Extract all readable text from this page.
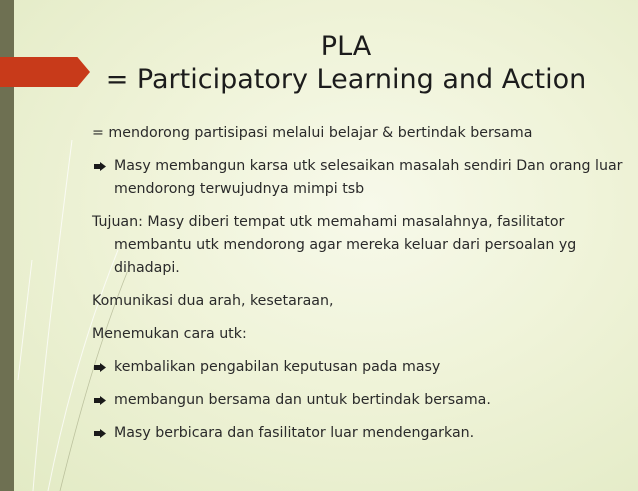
PLA
= Participatory Learning and Action
= mendorong partisipasi melalui belajar & bertindak bersama
Masy membangun karsa utk selesaikan masalah sendiri Dan orang luar mendorong terwujudnya mimpi tsb
Tujuan: Masy diberi tempat utk memahami masalahnya, fasilitator membantu utk mendorong agar mereka keluar dari persoalan yg dihadapi.
Komunikasi dua arah, kesetaraan,
Menemukan cara utk:
kembalikan pengabilan keputusan pada masy
membangun bersama dan untuk bertindak bersama.
Masy berbicara dan fasilitator luar mendengarkan.
